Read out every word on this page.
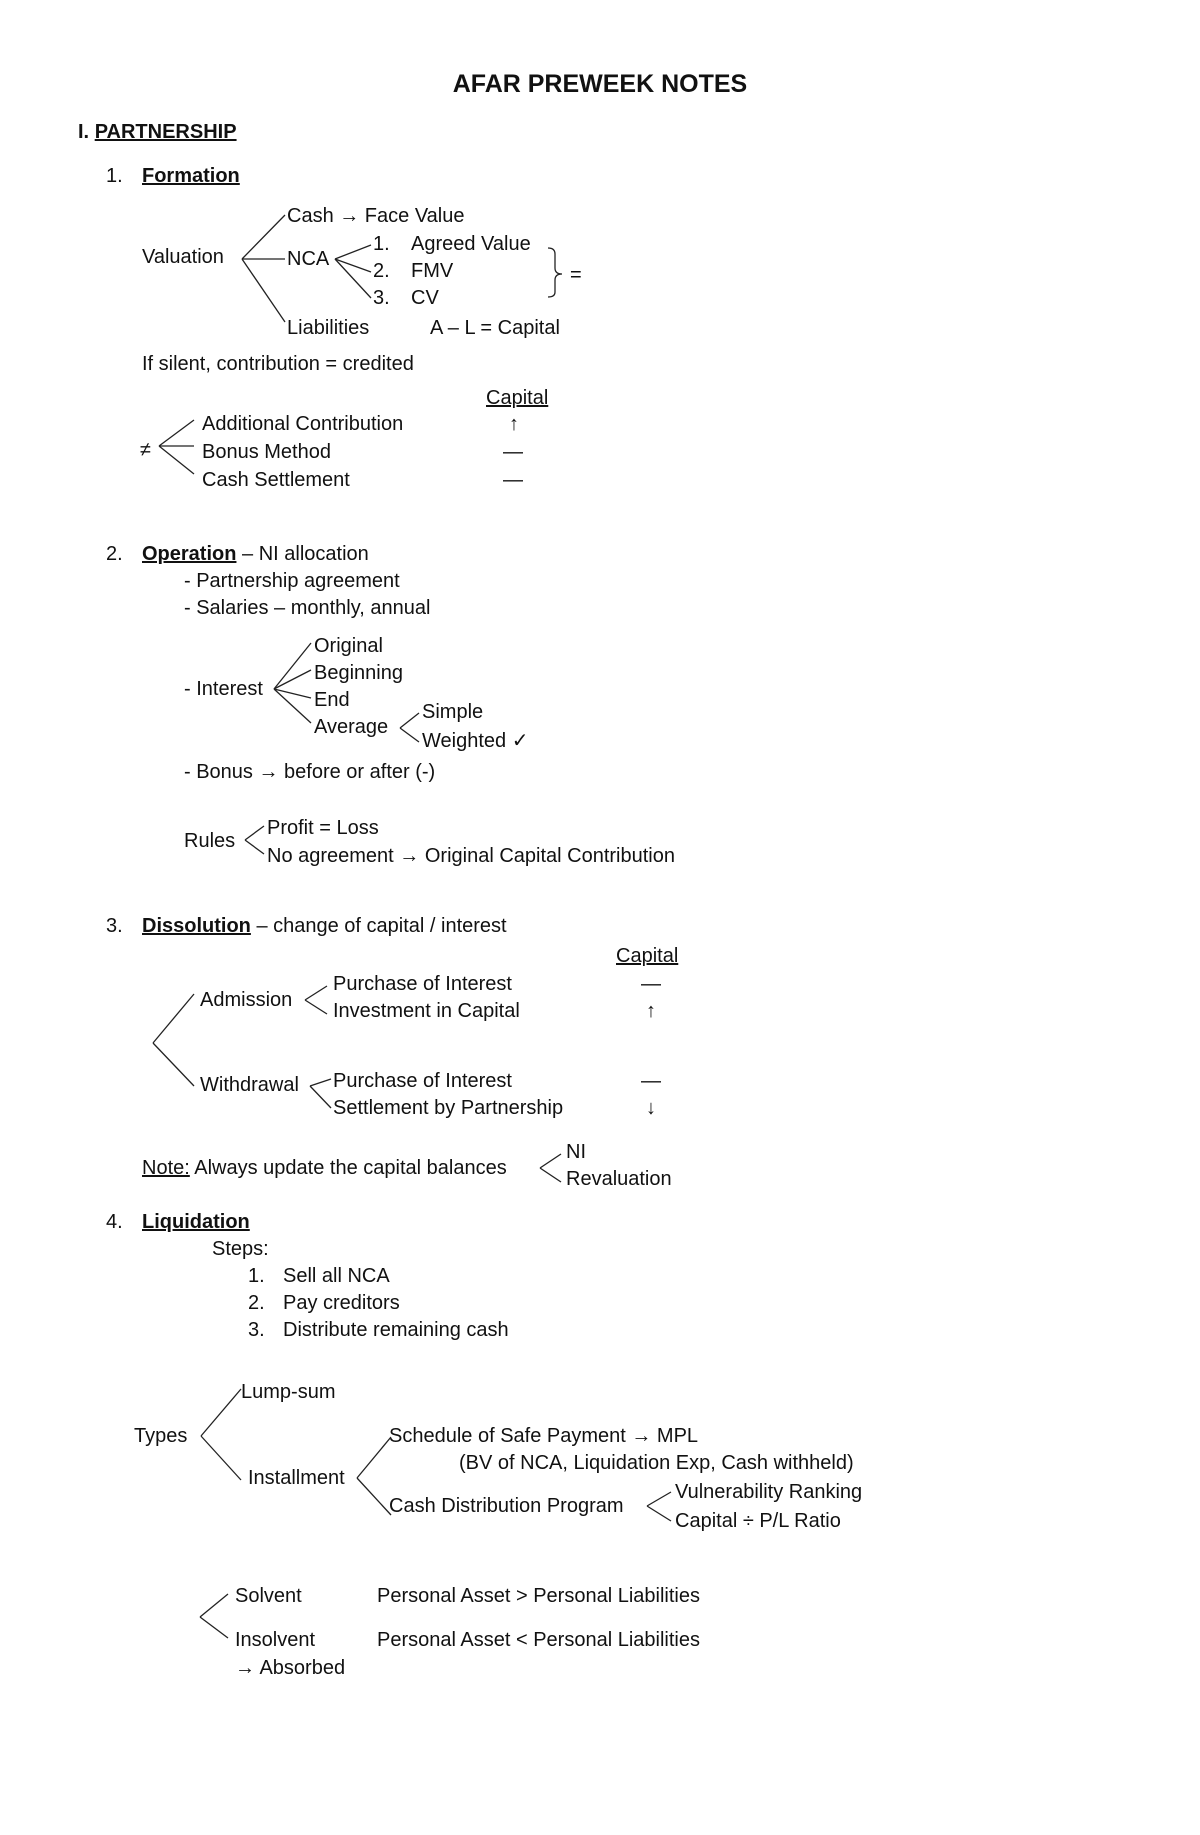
AFAR PREWEEK NOTES
I. PARTNERSHIP
1. Formation
Valuation
Cash → Face Value
NCA
1. Agreed Value
2. FMV
3. CV
=
Liabilities	A – L = Capital
If silent, contribution = credited
Capital
≠
Additional Contribution	↑
Bonus Method	—
Cash Settlement	—
2. Operation – NI allocation
- Partnership agreement
- Salaries – monthly, annual
- Interest
Original
Beginning
End
Average
Simple
Weighted ✓
- Bonus → before or after (-)
Rules
Profit = Loss
No agreement → Original Capital Contribution
3. Dissolution – change of capital / interest
Capital
Admission
Purchase of Interest	—
Investment in Capital	↑
Withdrawal Purchase of Interest	—
Settlement by Partnership	↓
Note: Always update the capital balances
NI
Revaluation
4. Liquidation
Steps:
1. Sell all NCA
2. Pay creditors
3. Distribute remaining cash
Types
Lump-sum
Installment
Schedule of Safe Payment → MPL
(BV of NCA, Liquidation Exp, Cash withheld)
Cash Distribution Program
Vulnerability Ranking
Capital ÷ P/L Ratio
Solvent	Personal Asset > Personal Liabilities
Insolvent	Personal Asset < Personal Liabilities
→ Absorbed
